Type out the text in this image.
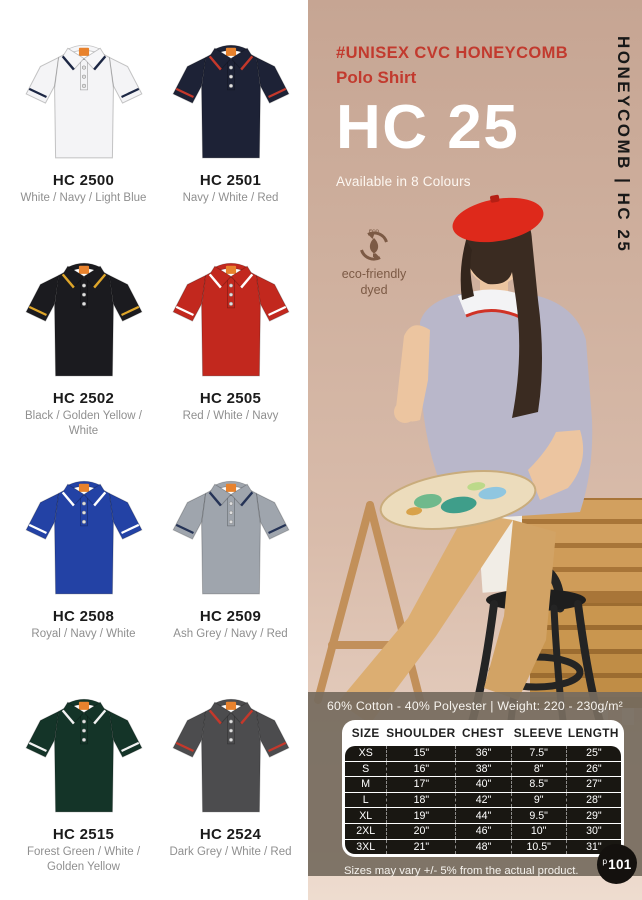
HC 2500
White / Navy / Light Blue
HC 2501
Navy / White / Red
HC 2502
Black / Golden Yellow / White
HC 2505
Red / White / Navy
HC 2508
Royal / Navy / White
HC 2509
Ash Grey / Navy / Red
HC 2515
Forest Green / White / Golden Yellow
HC 2524
Dark Grey / White / Red
HONEYCOMB | HC 25
#UNISEX CVC HONEYCOMB
Polo Shirt
HC 25
Available in 8 Colours
ECO
eco-friendly
dyed
60% Cotton - 40% Polyester | Weight: 220 - 230g/m²
SIZE SHOULDER CHEST SLEEVE LENGTH
XS	15"	36"	7.5"	25"
S	16"	38"	8"	26"
M	17"	40"	8.5"	27"
L	18"	42"	9"	28"
XL	19"	44"	9.5"	29"
2XL	20"	46"	10"	30"
3XL	21"	48"	10.5"	31"
Sizes may vary +/- 5% from the actual product.
p 101
